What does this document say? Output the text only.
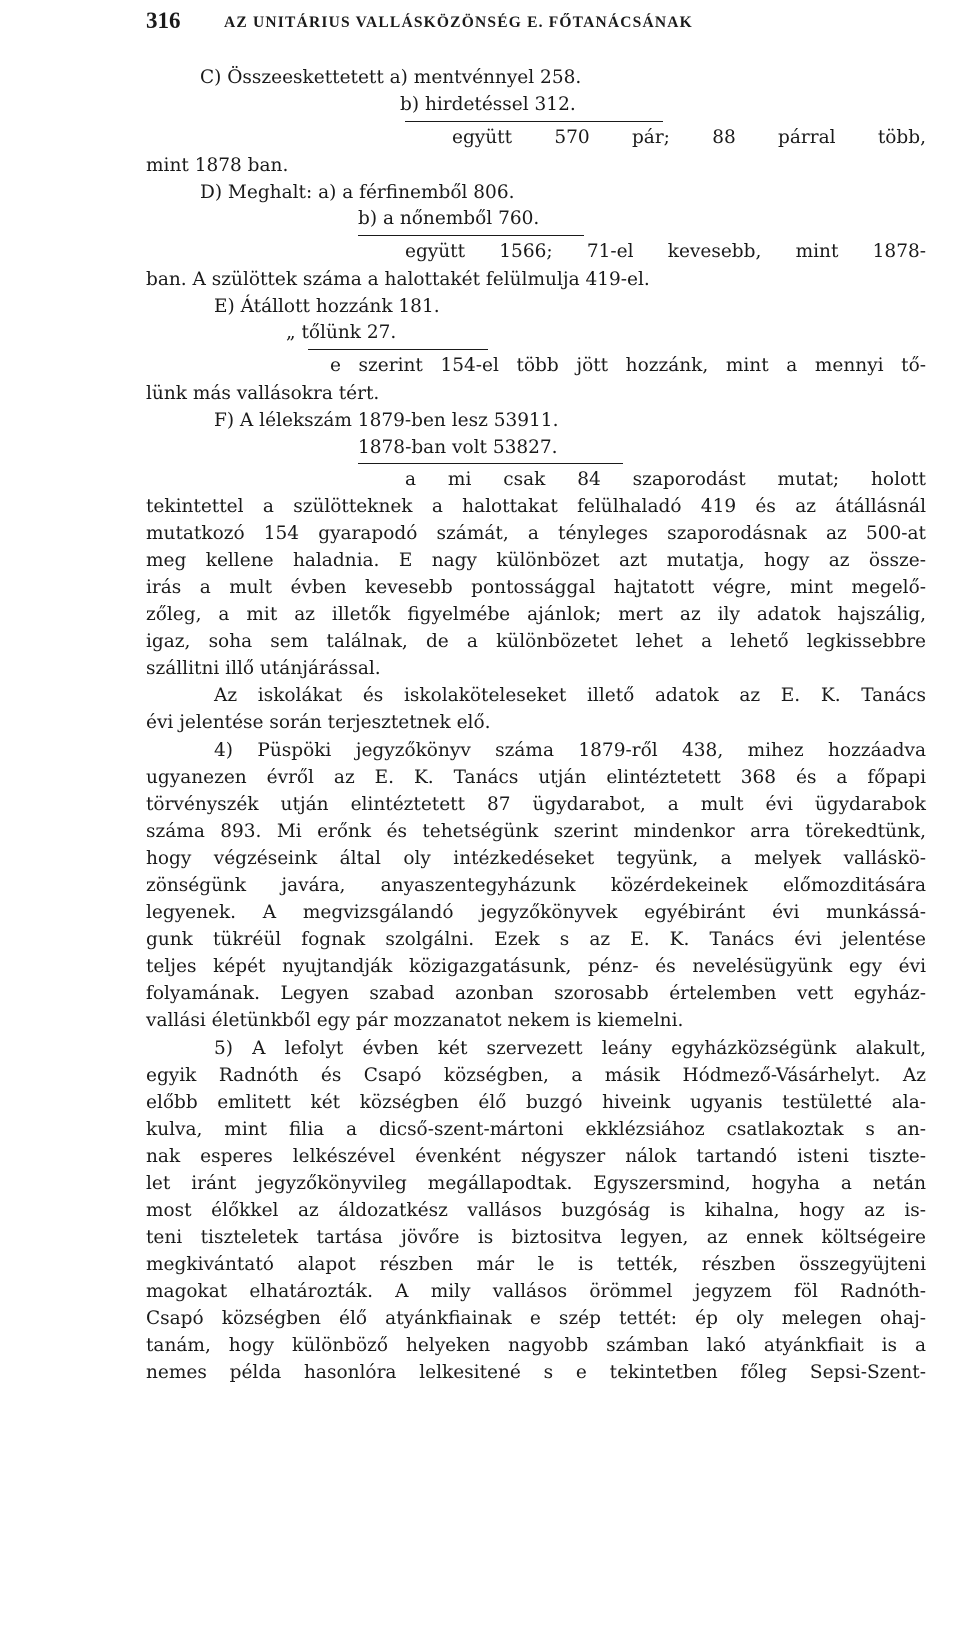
316	AZ UNITÁRIUS VALLÁSKÖZÖNSÉG E. FŐTANÁCSÁNAK
C) Összeeskettetett a) mentvénnyel 258.
b) hirdetéssel 312.
együtt 570 pár; 88 párral több,
mint 1878 ban.
D) Meghalt: a) a férfinemből 806.
b) a nőnemből 760.
együtt 1566; 71-el kevesebb, mint 1878-
ban. A szülöttek száma a halottakét felülmulja 419-el.
E) Átállott hozzánk 181.
„ tőlünk 27.
e szerint 154-el több jött hozzánk, mint a mennyi tő-
lünk más vallásokra tért.
F) A lélekszám 1879-ben lesz 53911.
1878-ban volt 53827.
a mi csak 84 szaporodást mutat; holott
tekintettel a szülötteknek a halottakat felülhaladó 419 és az átállásnál
mutatkozó 154 gyarapodó számát, a tényleges szaporodásnak az 500-at
meg kellene haladnia. E nagy különbözet azt mutatja, hogy az össze-
irás a mult évben kevesebb pontossággal hajtatott végre, mint megelő-
zőleg, a mit az illetők figyelmébe ajánlok; mert az ily adatok hajszálig,
igaz, soha sem találnak, de a különbözetet lehet a lehető legkissebbre
szállitni illő utánjárással.
Az iskolákat és iskolaköteleseket illető adatok az E. K. Tanács
évi jelentése során terjesztetnek elő.
4) Püspöki jegyzőkönyv száma 1879-ről 438, mihez hozzáadva
ugyanezen évről az E. K. Tanács utján elintéztetett 368 és a főpapi
törvényszék utján elintéztetett 87 ügydarabot, a mult évi ügydarabok
száma 893. Mi erőnk és tehetségünk szerint mindenkor arra törekedtünk,
hogy végzéseink által oly intézkedéseket tegyünk, a melyek valláskö-
zönségünk javára, anyaszentegyházunk közérdekeinek előmozditására
legyenek. A megvizsgálandó jegyzőkönyvek egyébiránt évi munkássá-
gunk tükréül fognak szolgálni. Ezek s az E. K. Tanács évi jelentése
teljes képét nyujtandják közigazgatásunk, pénz- és nevelésügyünk egy évi
folyamának. Legyen szabad azonban szorosabb értelemben vett egyház-
vallási életünkből egy pár mozzanatot nekem is kiemelni.
5) A lefolyt évben két szervezett leány egyházközségünk alakult,
egyik Radnóth és Csapó községben, a másik Hódmező-Vásárhelyt. Az
előbb emlitett két községben élő buzgó hiveink ugyanis testületté ala-
kulva, mint filia a dicső-szent-mártoni ekklézsiához csatlakoztak s an-
nak esperes lelkészével évenként négyszer nálok tartandó isteni tiszte-
let iránt jegyzőkönyvileg megállapodtak. Egyszersmind, hogyha a netán
most élőkkel az áldozatkész vallásos buzgóság is kihalna, hogy az is-
teni tiszteletek tartása jövőre is biztositva legyen, az ennek költségeire
megkivántató alapot részben már le is tették, részben összegyüjteni
magokat elhatározták. A mily vallásos örömmel jegyzem föl Radnóth-
Csapó községben élő atyánkfiainak e szép tettét: ép oly melegen ohaj-
tanám, hogy különböző helyeken nagyobb számban lakó atyánkfiait is a
nemes példa hasonlóra lelkesitené s e tekintetben főleg Sepsi-Szent-
